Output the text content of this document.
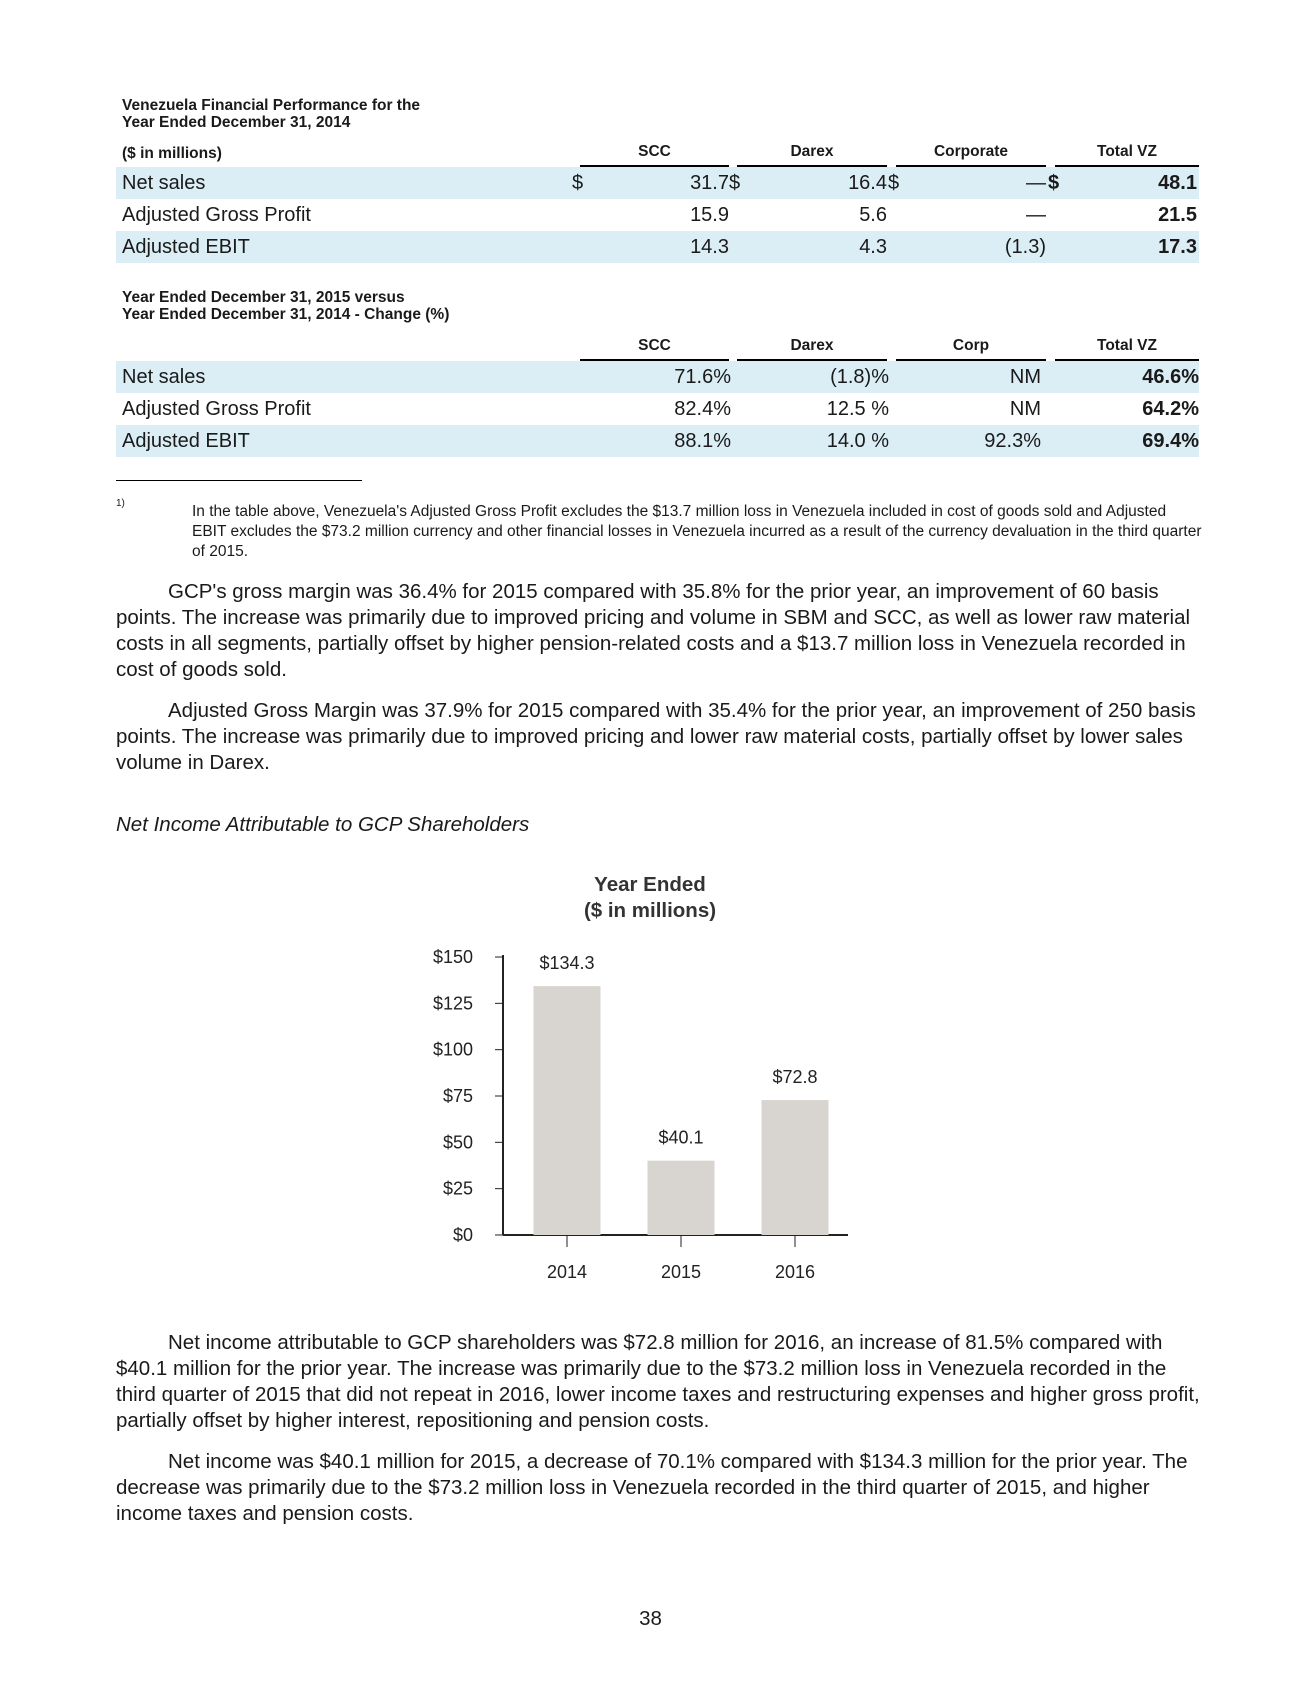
Venezuela Financial Performance for the
Year Ended December 31, 2014
($ in millions)	SCC	Darex	Corporate	Total VZ
Net sales	$	31.7 $	16.4 $	— $	48.1
Adjusted Gross Profit	15.9	5.6	—	21.5
Adjusted EBIT	14.3	4.3	(1.3)	17.3
Year Ended December 31, 2015 versus
Year Ended December 31, 2014 - Change (%)
SCC	Darex	Corp	Total VZ
Net sales	71.6%	(1.8)%	NM	46.6%
Adjusted Gross Profit	82.4%	12.5 %	NM	64.2%
Adjusted EBIT	88.1%	14.0 %	92.3%	69.4%
1)	In the table above, Venezuela's Adjusted Gross Profit excludes the $13.7 million loss in Venezuela included in cost of goods sold and Adjusted EBIT excludes the $73.2 million currency and other financial losses in Venezuela incurred as a result of the currency devaluation in the third quarter of 2015.
GCP's gross margin was 36.4% for 2015 compared with 35.8% for the prior year, an improvement of 60 basis points. The increase was primarily due to improved pricing and volume in SBM and SCC, as well as lower raw material costs in all segments, partially offset by higher pension-related costs and a $13.7 million loss in Venezuela recorded in cost of goods sold.
Adjusted Gross Margin was 37.9% for 2015 compared with 35.4% for the prior year, an improvement of 250 basis points. The increase was primarily due to improved pricing and lower raw material costs, partially offset by lower sales volume in Darex.
Net Income Attributable to GCP Shareholders
Year Ended
($ in millions)
$0
$25
$50
$75
$100
$125
$150
2014
$134.3
2015
$40.1
2016
$72.8
Net income attributable to GCP shareholders was $72.8 million for 2016, an increase of 81.5% compared with $40.1 million for the prior year. The increase was primarily due to the $73.2 million loss in Venezuela recorded in the third quarter of 2015 that did not repeat in 2016, lower income taxes and restructuring expenses and higher gross profit, partially offset by higher interest, repositioning and pension costs.
Net income was $40.1 million for 2015, a decrease of 70.1% compared with $134.3 million for the prior year. The decrease was primarily due to the $73.2 million loss in Venezuela recorded in the third quarter of 2015, and higher income taxes and pension costs.
38
